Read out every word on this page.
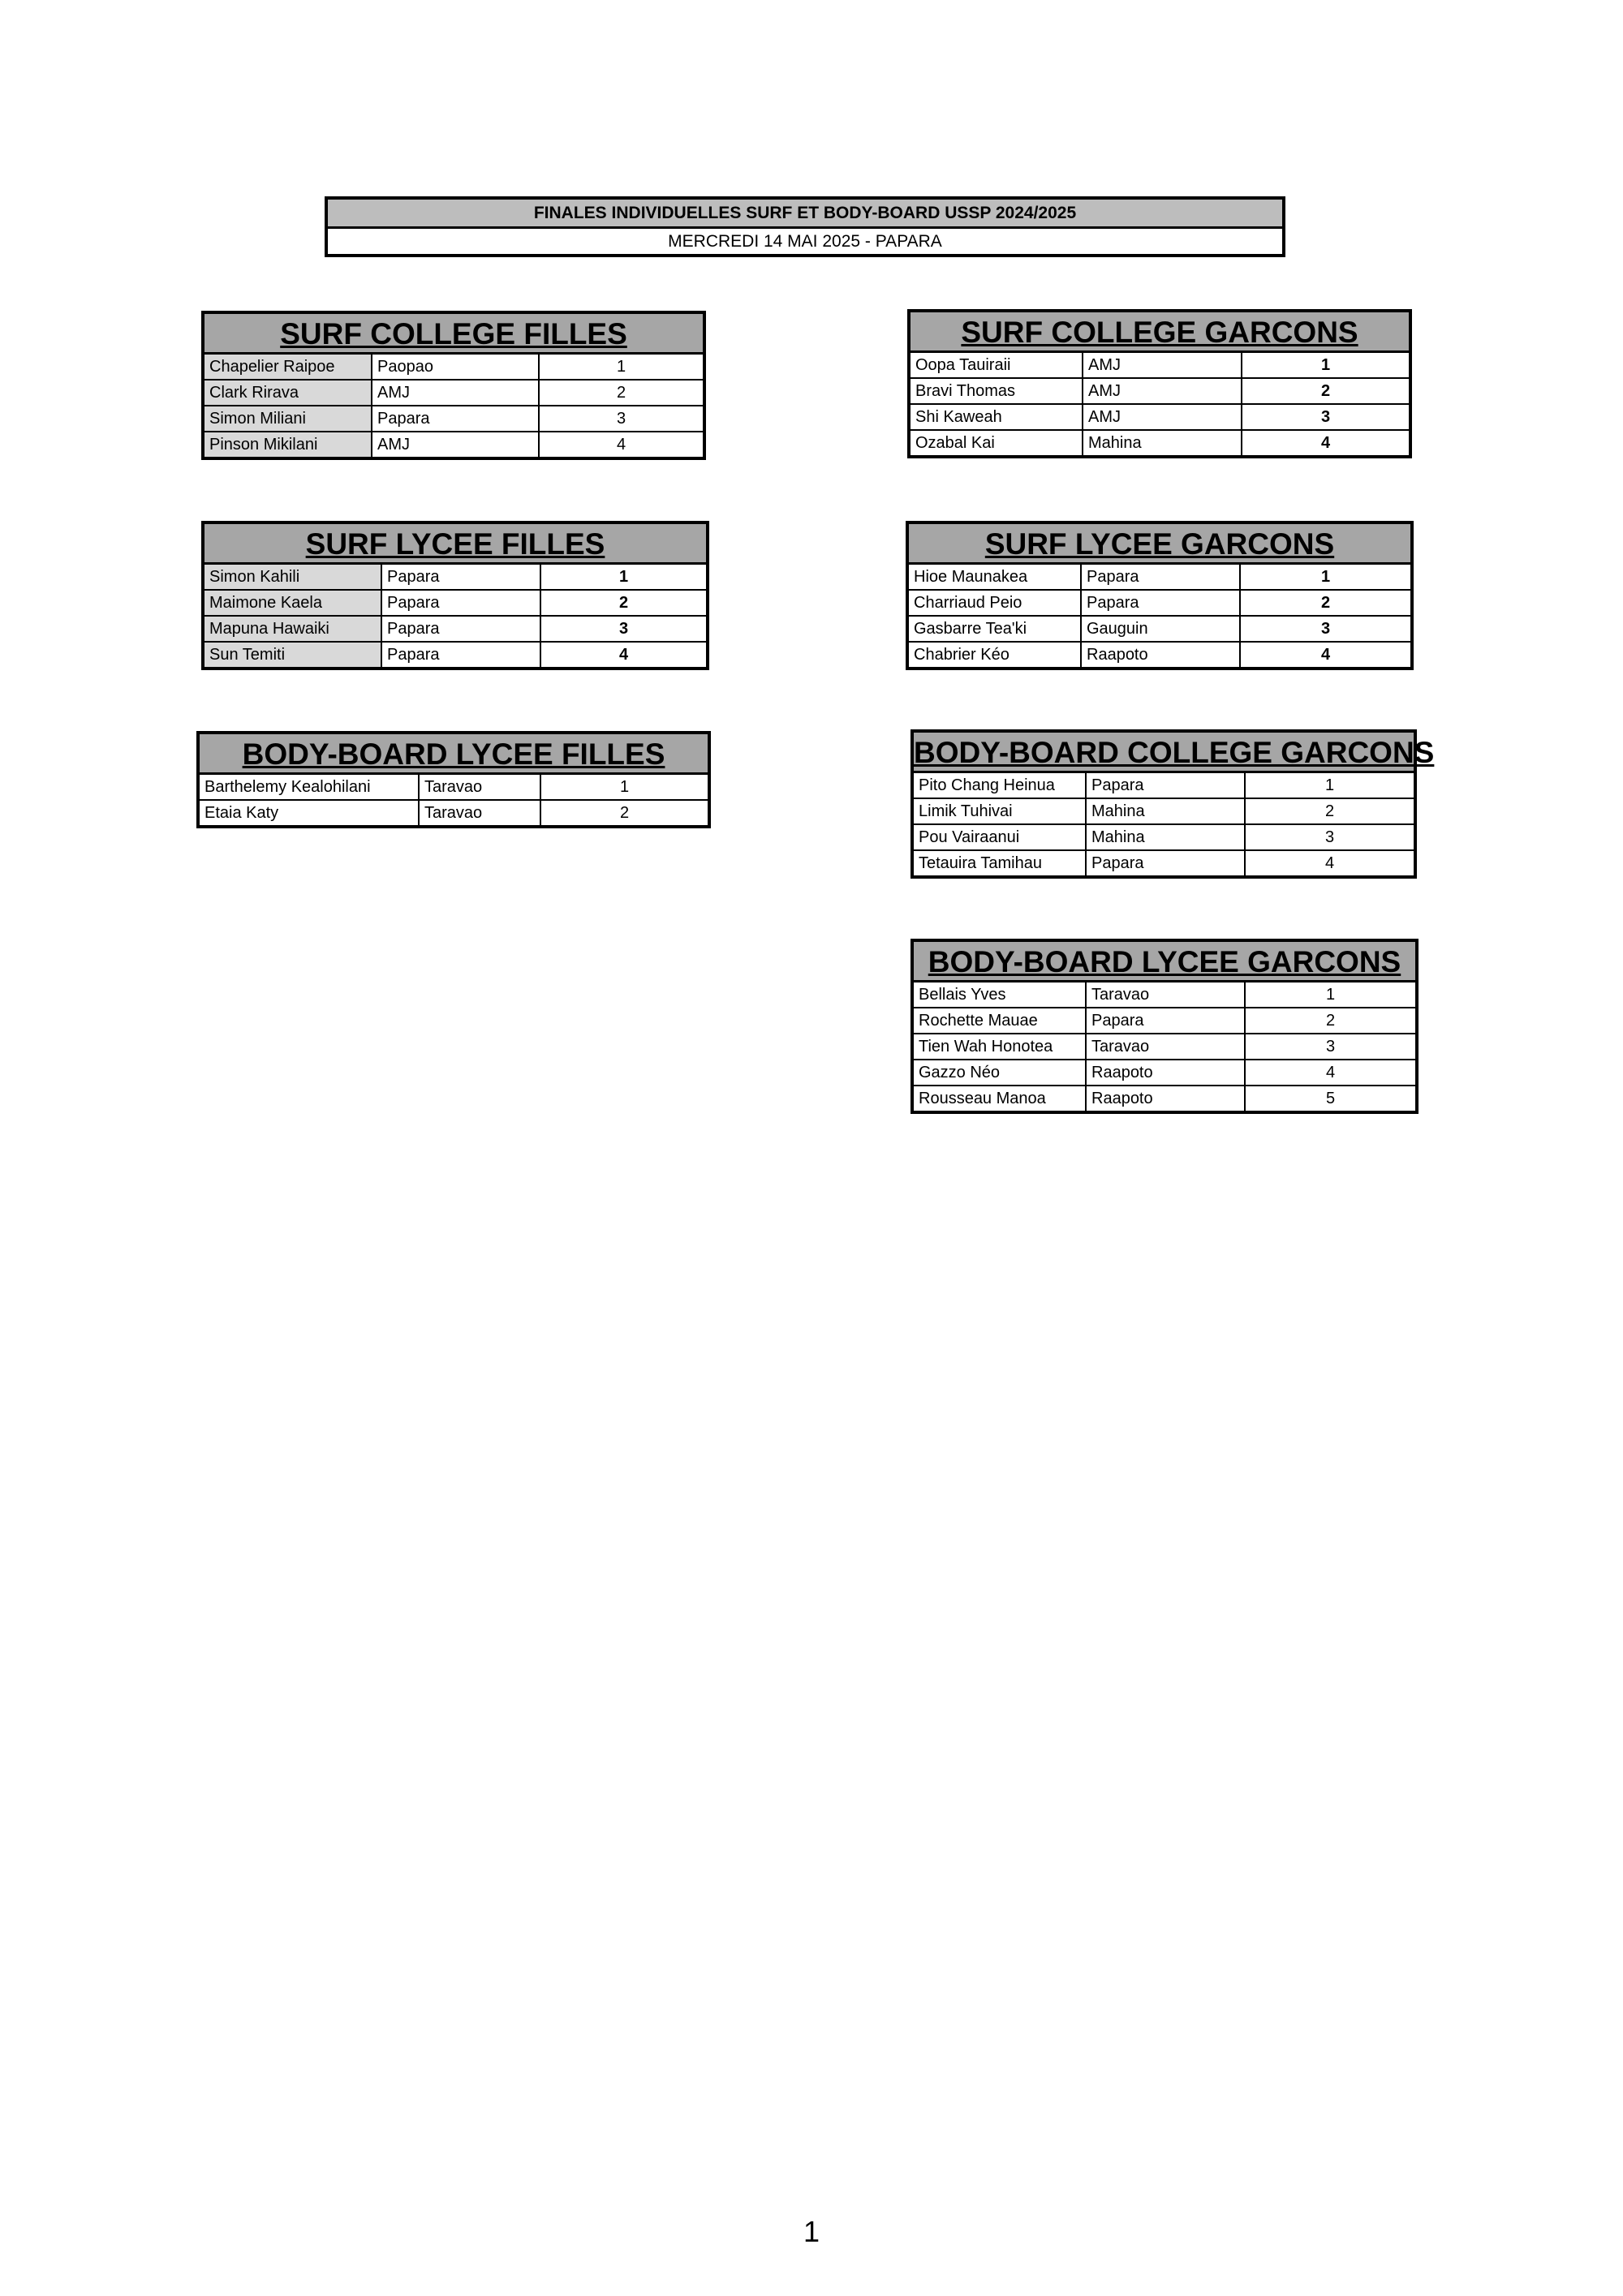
FINALES INDIVIDUELLES SURF ET BODY-BOARD USSP 2024/2025
MERCREDI 14 MAI 2025 - PAPARA
SURF COLLEGE FILLES
Chapelier Raipoe	Paopao	1
Clark Rirava	AMJ	2
Simon Miliani	Papara	3
Pinson Mikilani	AMJ	4
SURF COLLEGE GARCONS
Oopa Tauiraii	AMJ	1
Bravi Thomas	AMJ	2
Shi Kaweah	AMJ	3
Ozabal Kai	Mahina	4
SURF LYCEE FILLES
Simon Kahili	Papara	1
Maimone Kaela	Papara	2
Mapuna Hawaiki	Papara	3
Sun Temiti	Papara	4
SURF LYCEE GARCONS
Hioe Maunakea	Papara	1
Charriaud Peio	Papara	2
Gasbarre Tea'ki	Gauguin	3
Chabrier Kéo	Raapoto	4
BODY-BOARD LYCEE FILLES
Barthelemy Kealohilani	Taravao	1
Etaia Katy	Taravao	2
BODY-BOARD COLLEGE GARCONS
Pito Chang Heinua	Papara	1
Limik Tuhivai	Mahina	2
Pou Vairaanui	Mahina	3
Tetauira Tamihau	Papara	4
BODY-BOARD LYCEE GARCONS
Bellais Yves	Taravao	1
Rochette Mauae	Papara	2
Tien Wah Honotea	Taravao	3
Gazzo Néo	Raapoto	4
Rousseau Manoa	Raapoto	5
1
